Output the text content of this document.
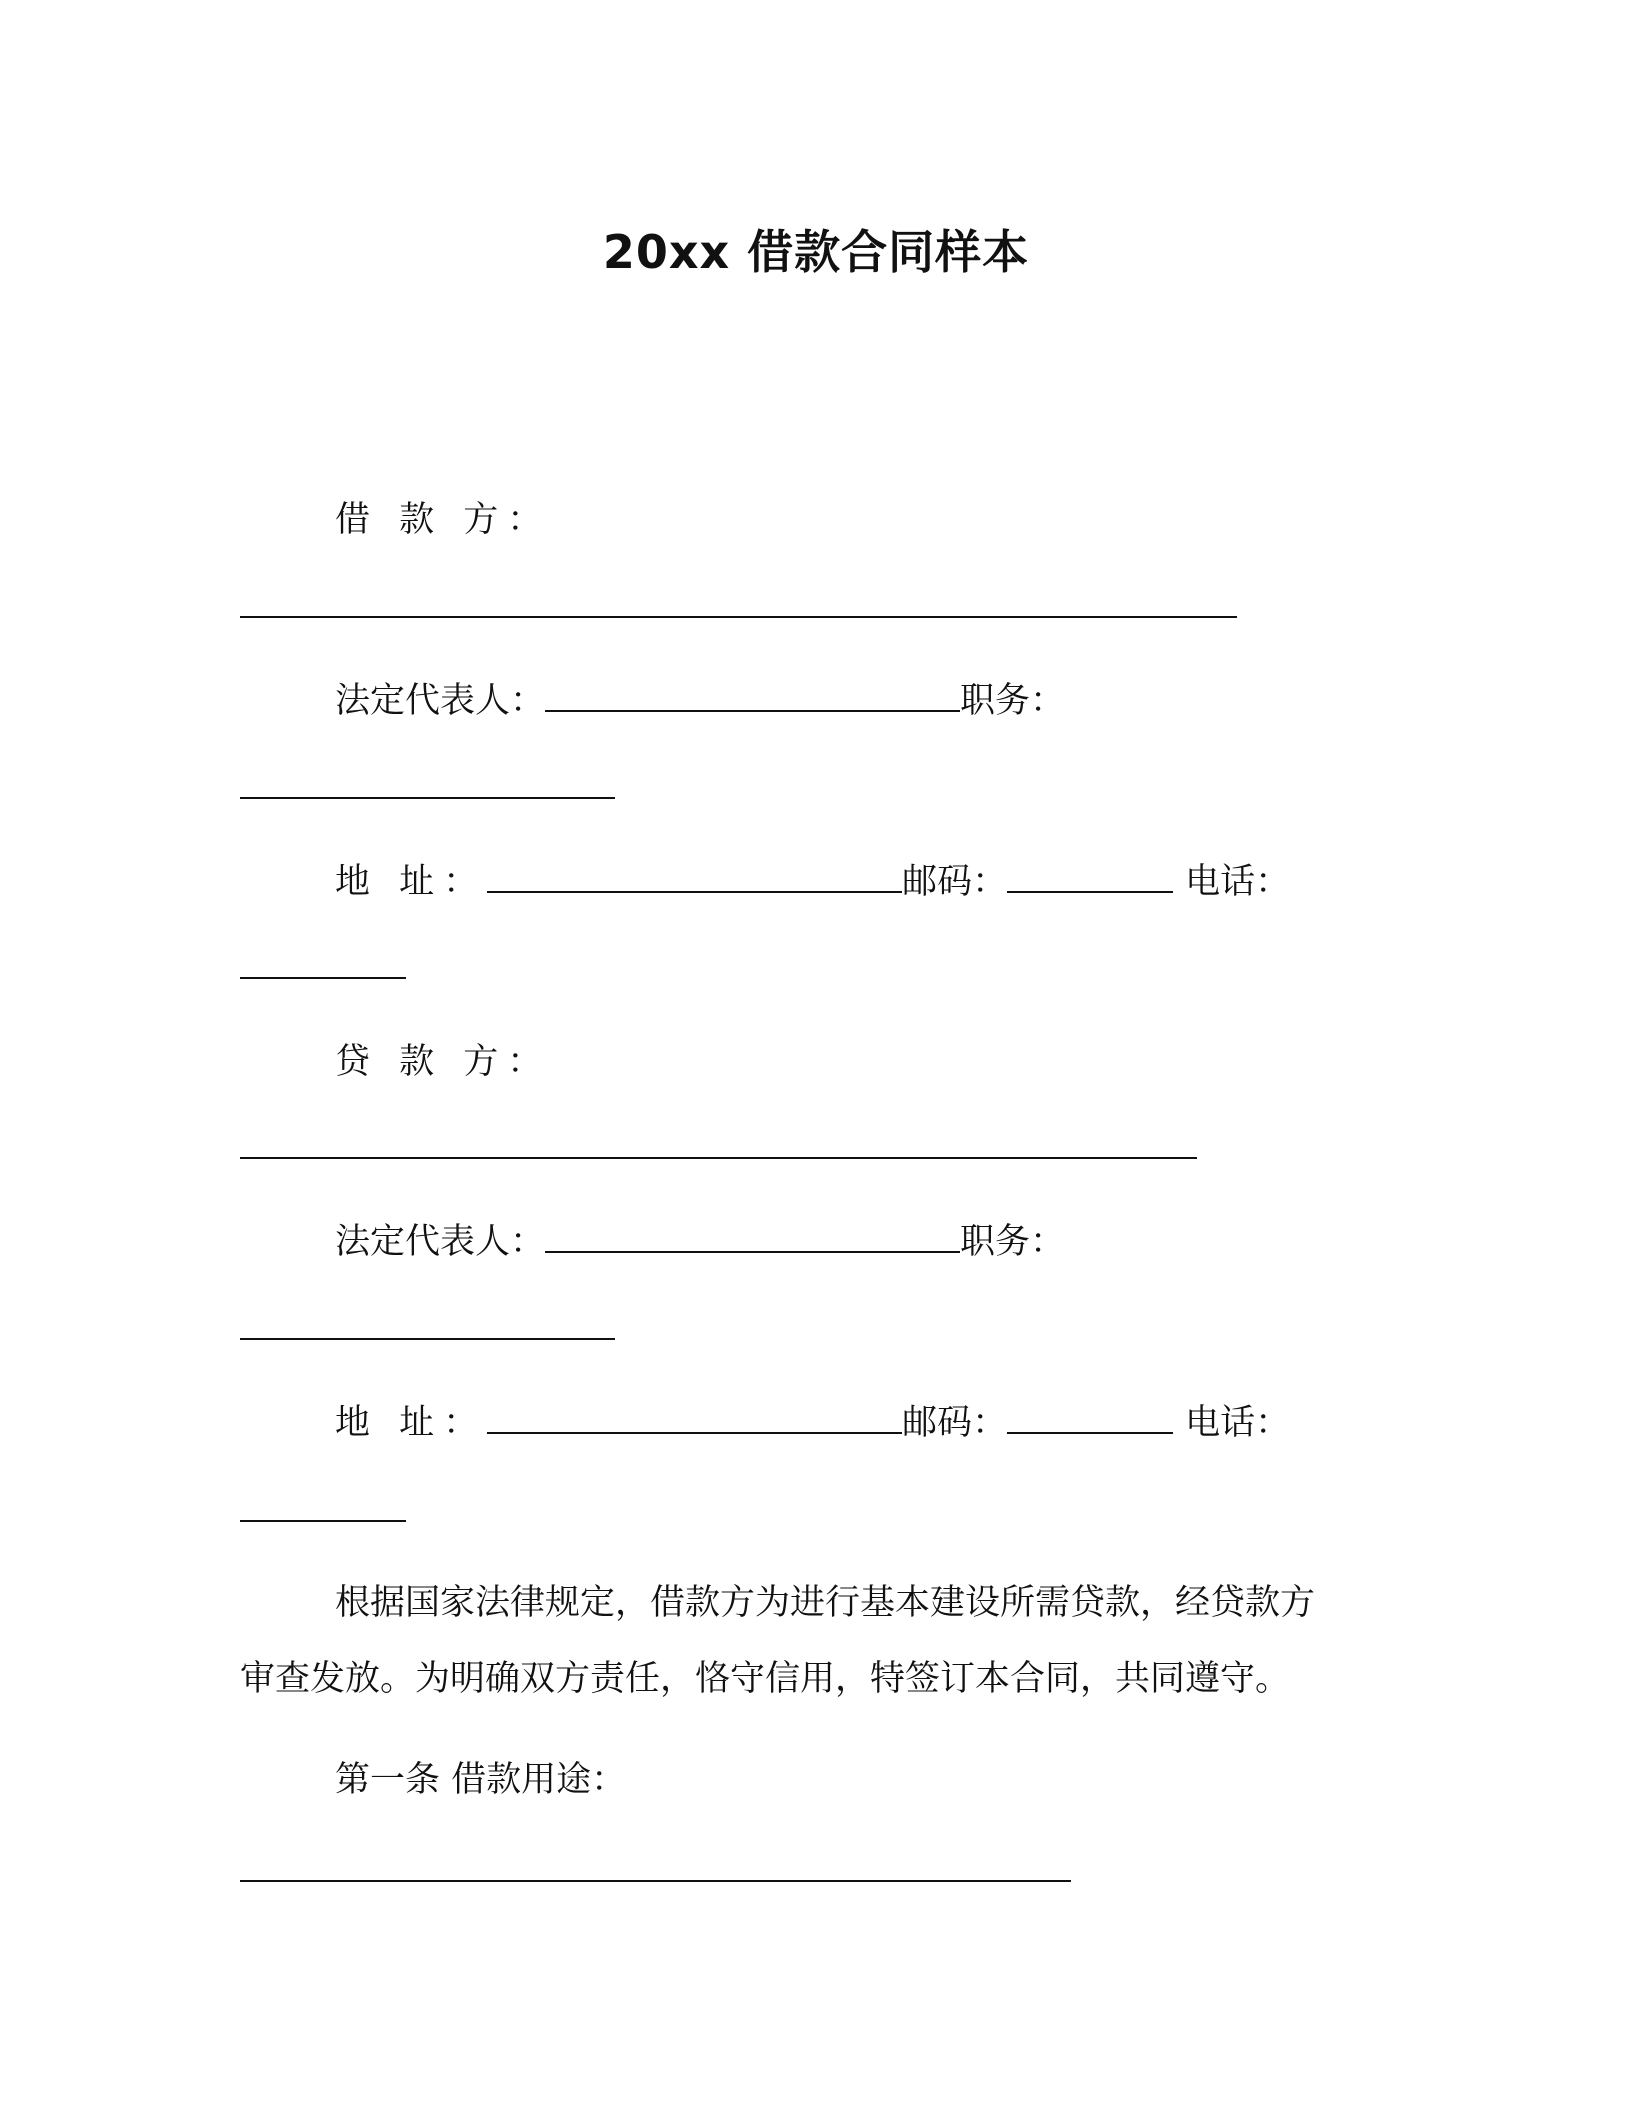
20xx 借款合同样本
借 款 方：
法定代表人：	职务：
地 址：	邮码：	电话：
贷 款 方：
法定代表人：	职务：
地 址：	邮码：	电话：
根据国家法律规定，借款方为进行基本建设所需贷款，经贷款方
审查发放。为明确双方责任，恪守信用，特签订本合同，共同遵守。
第一条 借款用途：
